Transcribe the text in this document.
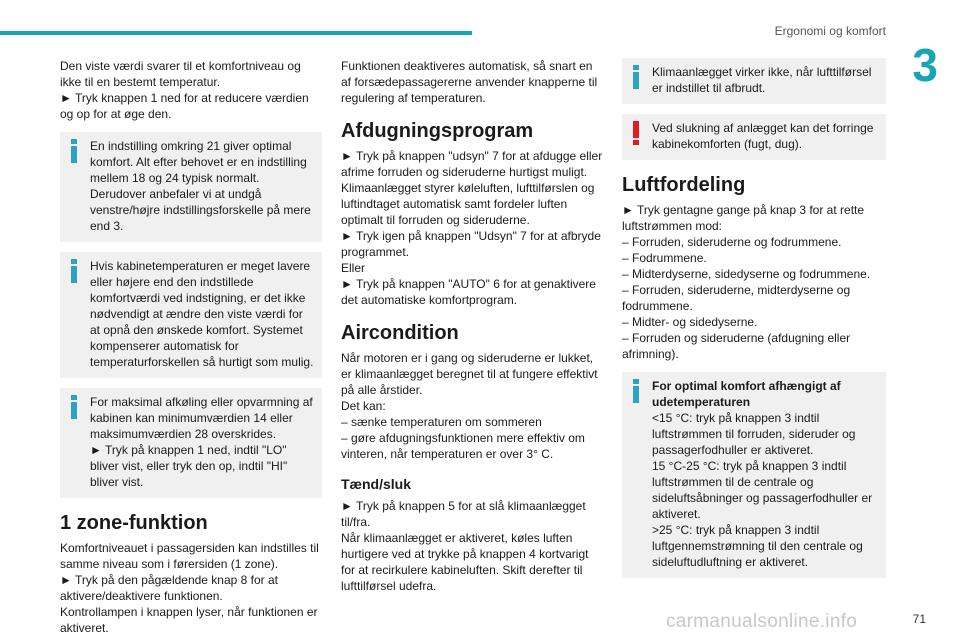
Ergonomi og komfort
3

Den viste værdi svarer til et komfortniveau og ikke til en bestemt temperatur.

► Tryk knappen 1 ned for at reducere værdien og op for at øge den.

En indstilling omkring 21 giver optimal komfort. Alt efter behovet er en indstilling mellem 18 og 24 typisk normalt.

Derudover anbefaler vi at undgå venstre/højre indstillingsforskelle på mere end 3.

Hvis kabinetemperaturen er meget lavere eller højere end den indstillede komfortværdi ved indstigning, er det ikke nødvendigt at ændre den viste værdi for at opnå den ønskede komfort. Systemet kompenserer automatisk for temperaturforskellen så hurtigt som mulig.

For maksimal afkøling eller opvarmning af kabinen kan minimumværdien 14 eller maksimumværdien 28 overskrides.

► Tryk på knappen 1 ned, indtil "LO" bliver vist, eller tryk den op, indtil "HI" bliver vist.

1 zone-funktion

Komfortniveauet i passagersiden kan indstilles til samme niveau som i førersiden (1 zone).

► Tryk på den pågældende knap 8 for at aktivere/deaktivere funktionen.

Kontrollampen i knappen lyser, når funktionen er aktiveret.

Funktionen deaktiveres automatisk, så snart en af forsædepassagererne anvender knapperne til regulering af temperaturen.

Afdugningsprogram

► Tryk på knappen "udsyn" 7 for at afdugge eller afrime forruden og sideruderne hurtigst muligt.

Klimaanlægget styrer køleluften, lufttilførslen og luftindtaget automatisk samt fordeler luften optimalt til forruden og sideruderne.

► Tryk igen på knappen "Udsyn" 7 for at afbryde programmet.

Eller

► Tryk på knappen "AUTO" 6 for at genaktivere det automatiske komfortprogram.

Aircondition

Når motoren er i gang og sideruderne er lukket, er klimaanlægget beregnet til at fungere effektivt på alle årstider.

Det kan:

– sænke temperaturen om sommeren

– gøre afdugningsfunktionen mere effektiv om vinteren, når temperaturen er over 3° C.

Tænd/sluk

► Tryk på knappen 5 for at slå klimaanlægget til/fra.

Når klimaanlægget er aktiveret, køles luften hurtigere ved at trykke på knappen 4 kortvarigt for at recirkulere kabineluften. Skift derefter til lufttilførsel udefra.

Klimaanlægget virker ikke, når lufttilførsel er indstillet til afbrudt.

Ved slukning af anlægget kan det forringe kabinekomforten (fugt, dug).

Luftfordeling

► Tryk gentagne gange på knap 3 for at rette luftstrømmen mod:

– Forruden, sideruderne og fodrummene.

– Fodrummene.

– Midterdyserne, sidedyserne og fodrummene.

– Forruden, sideruderne, midterdyserne og fodrummene.

– Midter- og sidedyserne.

– Forruden og sideruderne (afdugning eller afrimning).

For optimal komfort afhængigt af udetemperaturen

<15 °C: tryk på knappen 3 indtil luftstrømmen til forruden, sideruder og passagerfodhuller er aktiveret.

15 °C-25 °C: tryk på knappen 3 indtil luftstrømmen til de centrale og sideluftsåbninger og passagerfodhuller er aktiveret.

>25 °C: tryk på knappen 3 indtil luftgennemstrømning til den centrale og sideluftudluftning er aktiveret.

carmanualsonline.info	71
